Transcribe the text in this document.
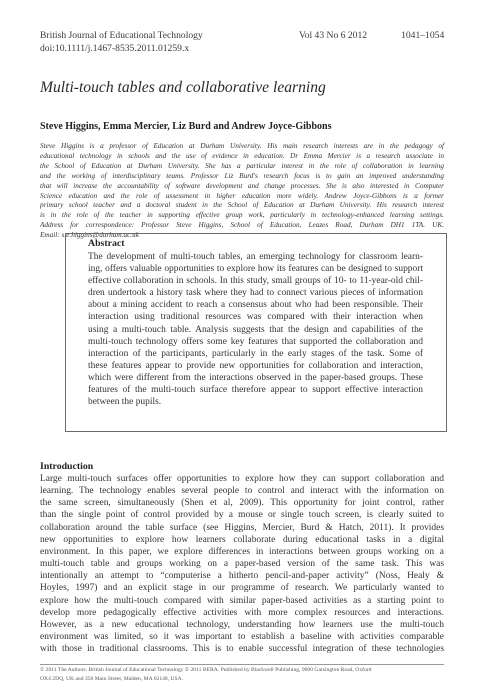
British Journal of Educational Technology
doi:10.1111/j.1467-8535.2011.01259.x
Vol 43 No 6 2012	1041–1054
Multi-touch tables and collaborative learning
Steve Higgins, Emma Mercier, Liz Burd and Andrew Joyce-Gibbons
Steve Higgins is a professor of Education at Durham University. His main research interests are in the pedagogy of
educational technology in schools and the use of evidence in education. Dr Emma Mercier is a research associate in
the School of Education at Durham University. She has a particular interest in the role of collaboration in learning
and the working of interdisciplinary teams. Professor Liz Burd's research focus is to gain an improved understanding
that will increase the accountability of software development and change processes. She is also interested in Computer
Science education and the role of assessment in higher education more widely. Andrew Joyce-Gibbons is a former
primary school teacher and a doctoral student in the School of Education at Durham University. His research interest
is in the role of the teacher in supporting effective group work, particularly in technology-enhanced learning settings.
Address for correspondence: Professor Steve Higgins, School of Education, Leazes Road, Durham DH1 1TA. UK.
Email: s.e.higgins@durham.ac.uk
Abstract
The development of multi-touch tables, an emerging technology for classroom learn-
ing, offers valuable opportunities to explore how its features can be designed to support
effective collaboration in schools. In this study, small groups of 10- to 11-year-old chil-
dren undertook a history task where they had to connect various pieces of information
about a mining accident to reach a consensus about who had been responsible. Their
interaction using traditional resources was compared with their interaction when
using a multi-touch table. Analysis suggests that the design and capabilities of the
multi-touch technology offers some key features that supported the collaboration and
interaction of the participants, particularly in the early stages of the task. Some of
these features appear to provide new opportunities for collaboration and interaction,
which were different from the interactions observed in the paper-based groups. These
features of the multi-touch surface therefore appear to support effective interaction
between the pupils.
Introduction
Large multi-touch surfaces offer opportunities to explore how they can support collaboration and
learning. The technology enables several people to control and interact with the information on
the same screen, simultaneously (Shen et al, 2009). This opportunity for joint control, rather
than the single point of control provided by a mouse or single touch screen, is clearly suited to
collaboration around the table surface (see Higgins, Mercier, Burd & Hatch, 2011). It provides
new opportunities to explore how learners collaborate during educational tasks in a digital
environment. In this paper, we explore differences in interactions between groups working on a
multi-touch table and groups working on a paper-based version of the same task. This was
intentionally an attempt to “computerise a hitherto pencil-and-paper activity” (Noss, Healy &
Hoyles, 1997) and an explicit stage in our programme of research. We particularly wanted to
explore how the multi-touch compared with similar paper-based activities as a starting point to
develop more pedagogically effective activities with more complex resources and interactions.
However, as a new educational technology, understanding how learners use the multi-touch
environment was limited, so it was important to establish a baseline with activities comparable
with those in traditional classrooms. This is to enable successful integration of these technologies
© 2011 The Authors. British Journal of Educational Technology © 2011 BERA. Published by Blackwell Publishing, 9600 Garsington Road, Oxford
OX4 2DQ, UK and 350 Main Street, Malden, MA 02148, USA.
